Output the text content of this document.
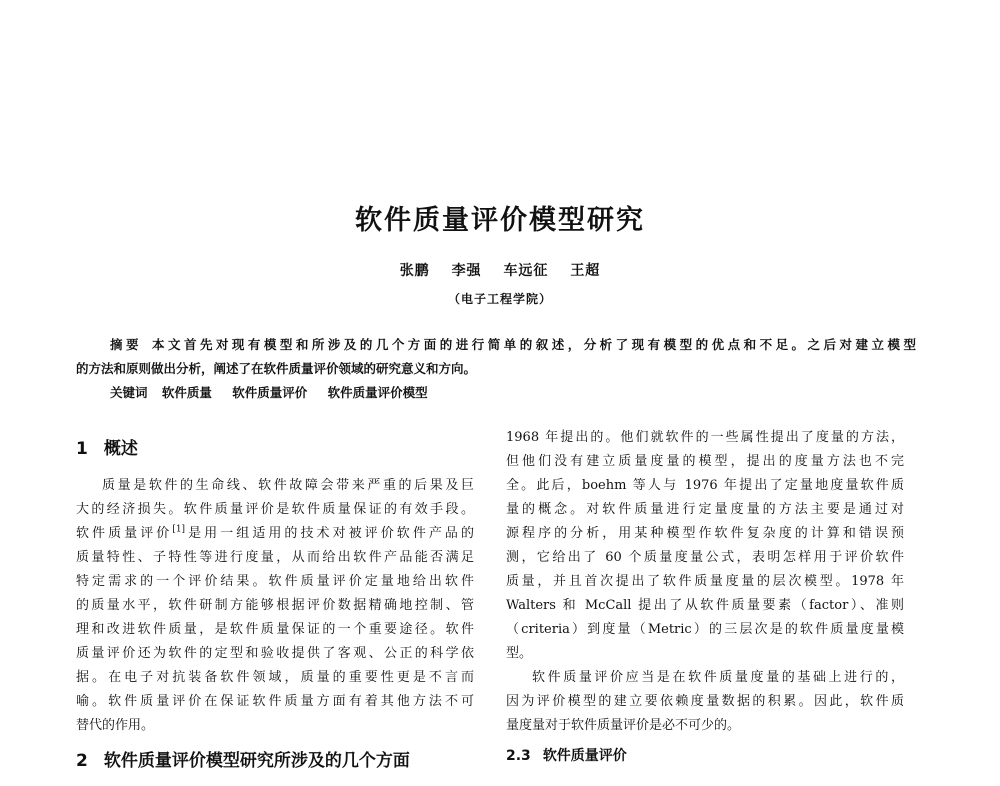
软件质量评价模型研究
张鹏 李强 车远征 王超
（电子工程学院）
摘要 本文首先对现有模型和所涉及的几个方面的进行简单的叙述，分析了现有模型的优点和不足。之后对建立模型
的方法和原则做出分析，阐述了在软件质量评价领域的研究意义和方向。
关键词 软件质量 软件质量评价 软件质量评价模型
1 概述
质量是软件的生命线、软件故障会带来严重的后果及巨
大的经济损失。软件质量评价是软件质量保证的有效手段。
软件质量评价[1]是用一组适用的技术对被评价软件产品的
质量特性、子特性等进行度量，从而给出软件产品能否满足
特定需求的一个评价结果。软件质量评价定量地给出软件
的质量水平，软件研制方能够根据评价数据精确地控制、管
理和改进软件质量，是软件质量保证的一个重要途径。软件
质量评价还为软件的定型和验收提供了客观、公正的科学依
据。在电子对抗装备软件领域，质量的重要性更是不言而
喻。软件质量评价在保证软件质量方面有着其他方法不可
替代的作用。
2 软件质量评价模型研究所涉及的几个方面
1968 年提出的。他们就软件的一些属性提出了度量的方法，
但他们没有建立质量度量的模型，提出的度量方法也不完
全。此后，boehm 等人与 1976 年提出了定量地度量软件质
量的概念。对软件质量进行定量度量的方法主要是通过对
源程序的分析，用某种模型作软件复杂度的计算和错误预
测，它给出了 60 个质量度量公式，表明怎样用于评价软件
质量，并且首次提出了软件质量度量的层次模型。1978 年
Walters 和 McCall 提出了从软件质量要素（factor）、准则
（criteria）到度量（Metric）的三层次是的软件质量度量模
型。
软件质量评价应当是在软件质量度量的基础上进行的，
因为评价模型的建立要依赖度量数据的积累。因此，软件质
量度量对于软件质量评价是必不可少的。
2.3 软件质量评价
